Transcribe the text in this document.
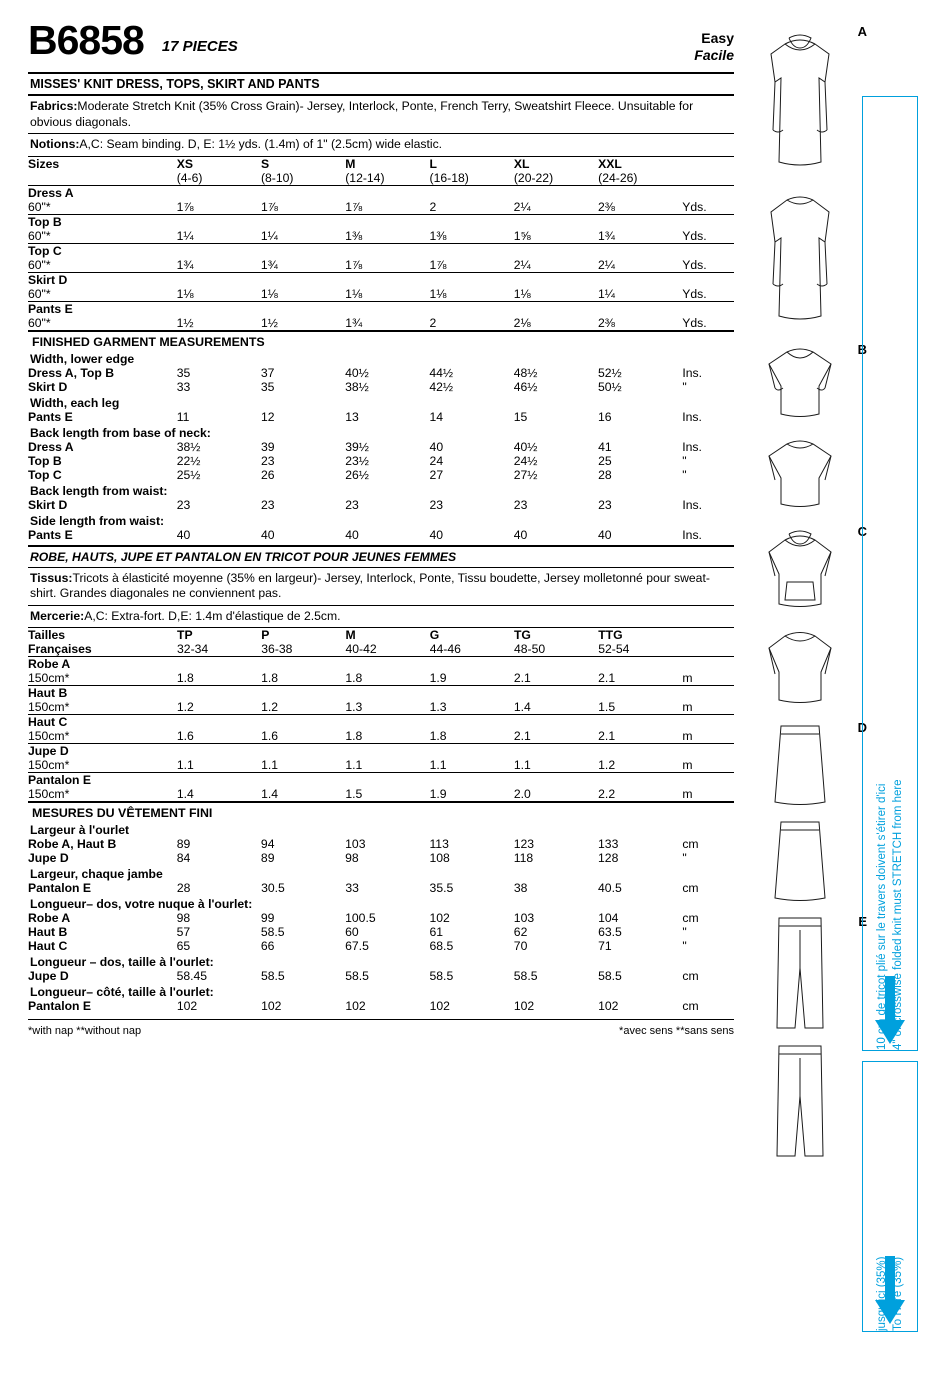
B6858 17 PIECES	Easy
Facile
MISSES' KNIT DRESS, TOPS, SKIRT AND PANTS
Fabrics:Moderate Stretch Knit (35% Cross Grain)- Jersey, Interlock, Ponte, French Terry, Sweatshirt Fleece. Unsuitable for obvious diagonals.
Notions:A,C: Seam binding. D, E: 1½ yds. (1.4m) of 1" (2.5cm) wide elastic.
Sizes	XS	S	M	L	XL	XXL	
	(4-6)	(8-10)	(12-14)	(16-18)	(20-22)	(24-26)	
Dress A
60"*	1⅞	1⅞	1⅞	2	2¼	2⅜	Yds.
Top B
60"*	1¼	1¼	1⅜	1⅜	1⅝	1¾	Yds.
Top C
60"*	1¾	1¾	1⅞	1⅞	2¼	2¼	Yds.
Skirt D
60"*	1⅛	1⅛	1⅛	1⅛	1⅛	1¼	Yds.
Pants E
60"*	1½	1½	1¾	2	2⅛	2⅜	Yds.
FINISHED GARMENT MEASUREMENTS
Width, lower edge
Dress A, Top B	35	37	40½	44½	48½	52½	Ins.
Skirt D	33	35	38½	42½	46½	50½	"
Width, each leg
Pants E	11	12	13	14	15	16	Ins.
Back length from base of neck:
Dress A	38½	39	39½	40	40½	41	Ins.
Top B	22½	23	23½	24	24½	25	"
Top C	25½	26	26½	27	27½	28	"
Back length from waist:
Skirt D	23	23	23	23	23	23	Ins.
Side length from waist:
Pants E	40	40	40	40	40	40	Ins.
ROBE, HAUTS, JUPE ET PANTALON EN TRICOT POUR JEUNES FEMMES
Tissus:Tricots à élasticité moyenne (35% en largeur)- Jersey, Interlock, Ponte, Tissu boudette, Jersey molletonné pour sweat-shirt. Grandes diagonales ne conviennent pas.
Mercerie:A,C: Extra-fort. D,E: 1.4m d'élastique de 2.5cm.
Tailles	TP	P	M	G	TG	TTG	
Françaises	32-34	36-38	40-42	44-46	48-50	52-54	
Robe A
150cm*	1.8	1.8	1.8	1.9	2.1	2.1	m
Haut B
150cm*	1.2	1.2	1.3	1.3	1.4	1.5	m
Haut C
150cm*	1.6	1.6	1.8	1.8	2.1	2.1	m
Jupe D
150cm*	1.1	1.1	1.1	1.1	1.1	1.2	m
Pantalon E
150cm*	1.4	1.4	1.5	1.9	2.0	2.2	m
MESURES DU VÊTEMENT FINI
Largeur à l'ourlet
Robe A, Haut B	89	94	103	113	123	133	cm
Jupe D	84	89	98	108	118	128	"
Largeur, chaque jambe
Pantalon E	28	30.5	33	35.5	38	40.5	cm
Longueur– dos, votre nuque à l'ourlet:
Robe A	98	99	100.5	102	103	104	cm
Haut B	57	58.5	60	61	62	63.5	"
Haut C	65	66	67.5	68.5	70	71	"
Longueur – dos, taille à l'ourlet:
Jupe D	58.45	58.5	58.5	58.5	58.5	58.5	cm
Longueur– côté, taille à l'ourlet:
Pantalon E	102	102	102	102	102	102	cm
*with nap **without nap	*avec sens **sans sens
A
B
C
D
E 4" of crosswise folded knit must STRETCH from here
10 cm de tricot plié sur le travers doivent s'étirer d'ici
To Here (35%)
jusqu'ici (35%)
